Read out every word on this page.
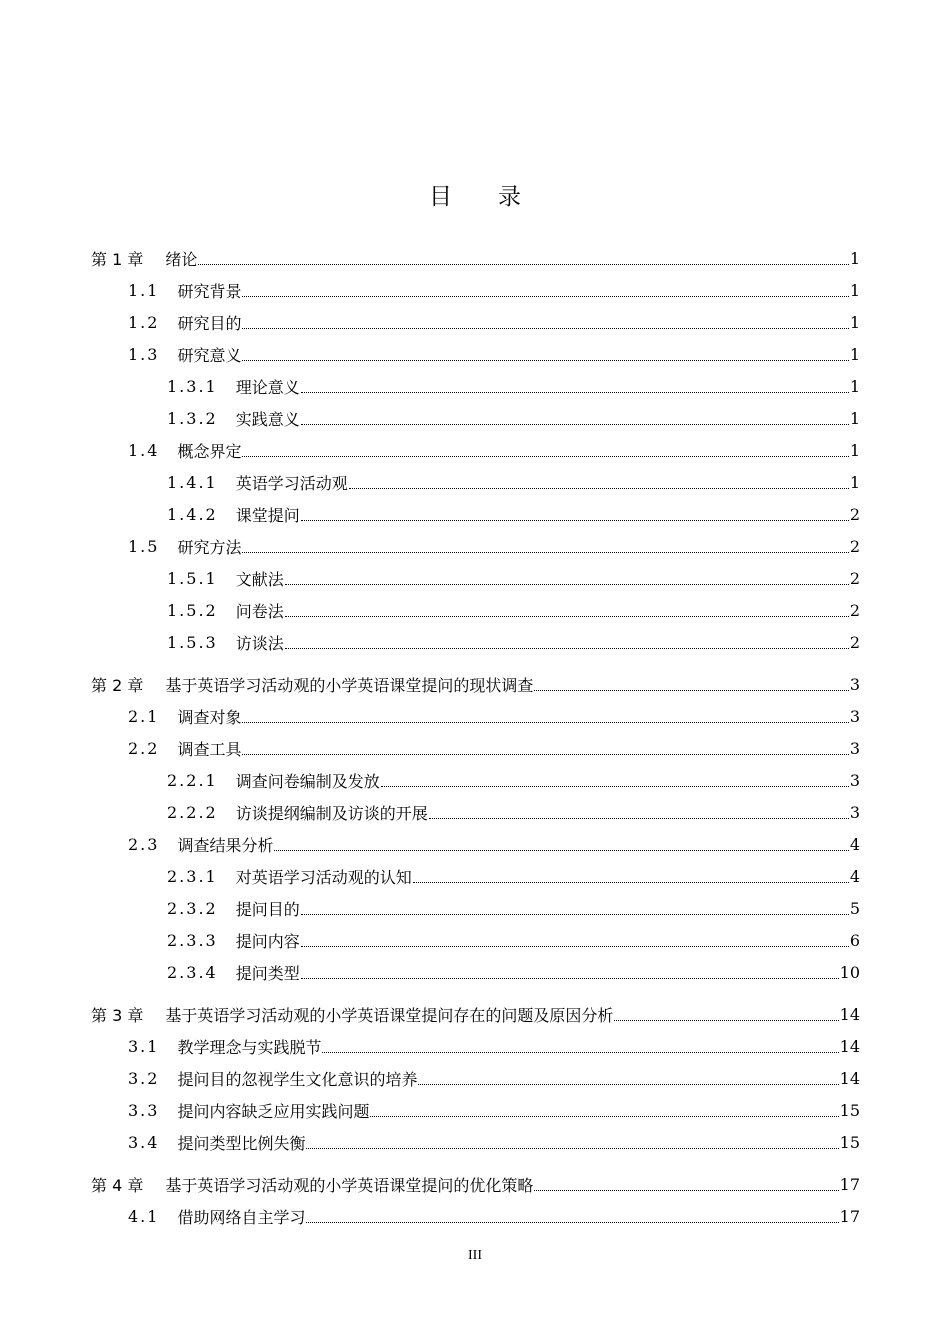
目 录
第 1 章 绪论	1
1.1 研究背景	1
1.2 研究目的	1
1.3 研究意义	1
1.3.1 理论意义	1
1.3.2 实践意义	1
1.4 概念界定	1
1.4.1 英语学习活动观	1
1.4.2 课堂提问	2
1.5 研究方法	2
1.5.1 文献法	2
1.5.2 问卷法	2
1.5.3 访谈法	2
第 2 章 基于英语学习活动观的小学英语课堂提问的现状调查	3
2.1 调查对象	3
2.2 调查工具	3
2.2.1 调查问卷编制及发放	3
2.2.2 访谈提纲编制及访谈的开展	3
2.3 调查结果分析	4
2.3.1 对英语学习活动观的认知	4
2.3.2 提问目的	5
2.3.3 提问内容	6
2.3.4 提问类型	10
第 3 章 基于英语学习活动观的小学英语课堂提问存在的问题及原因分析	14
3.1 教学理念与实践脱节	14
3.2 提问目的忽视学生文化意识的培养	14
3.3 提问内容缺乏应用实践问题	15
3.4 提问类型比例失衡	15
第 4 章 基于英语学习活动观的小学英语课堂提问的优化策略	17
4.1 借助网络自主学习	17
III
